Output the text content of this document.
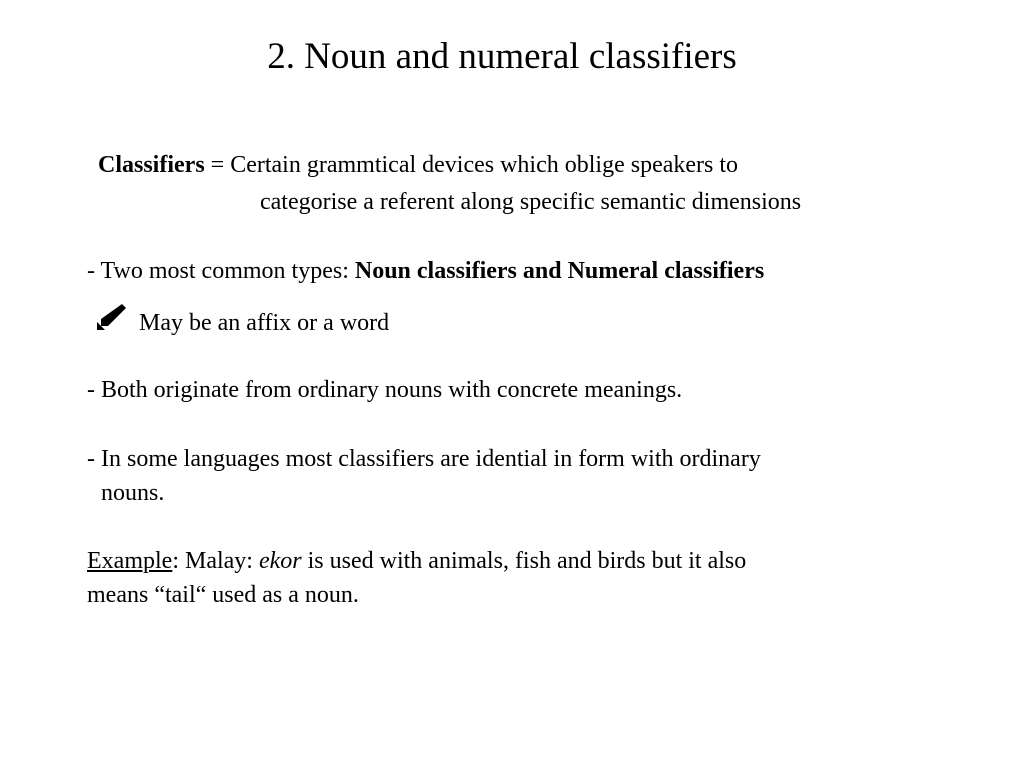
2. Noun and numeral classifiers

Classifiers = Certain grammtical devices which oblige speakers to

categorise a referent along specific semantic dimensions

- Two most common types: Noun classifiers and Numeral classifiers

May be an affix or a word

- Both originate from ordinary nouns with concrete meanings.

- In some languages most classifiers are idential in form with ordinary

nouns.

Example: Malay: ekor is used with animals, fish and birds but it also

means “tail“ used as a noun.
